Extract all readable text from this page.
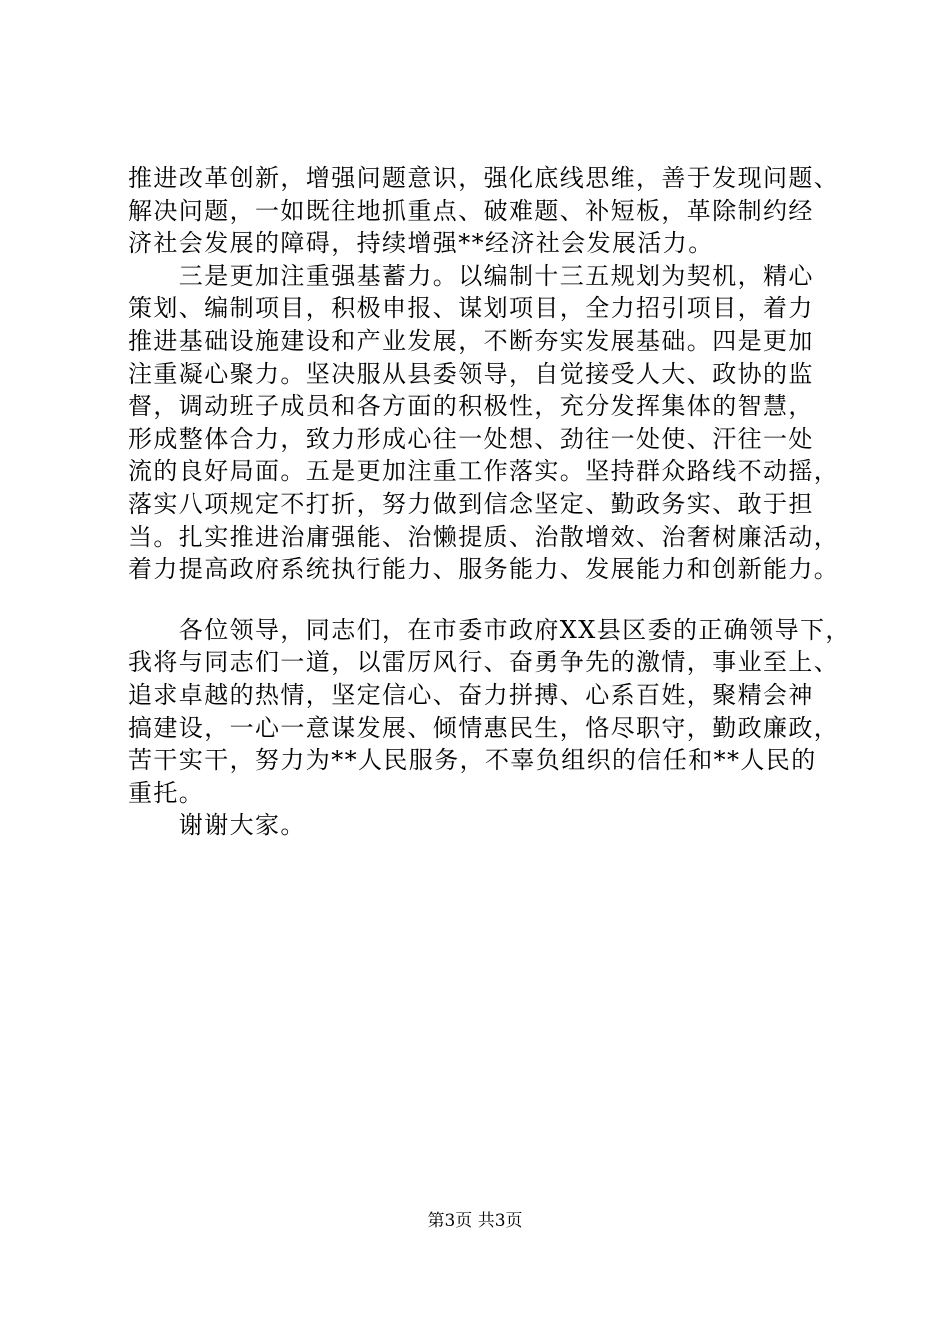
推进改革创新，增强问题意识，强化底线思维，善于发现问题、
解决问题，一如既往地抓重点、破难题、补短板，革除制约经
济社会发展的障碍，持续增强**经济社会发展活力。
　　三是更加注重强基蓄力。以编制十三五规划为契机，精心
策划、编制项目，积极申报、谋划项目，全力招引项目，着力
推进基础设施建设和产业发展，不断夯实发展基础。四是更加
注重凝心聚力。坚决服从县委领导，自觉接受人大、政协的监
督，调动班子成员和各方面的积极性，充分发挥集体的智慧，
形成整体合力，致力形成心往一处想、劲往一处使、汗往一处
流的良好局面。五是更加注重工作落实。坚持群众路线不动摇，
落实八项规定不打折，努力做到信念坚定、勤政务实、敢于担
当。扎实推进治庸强能、治懒提质、治散增效、治奢树廉活动，
着力提高政府系统执行能力、服务能力、发展能力和创新能力。
　　各位领导，同志们，在市委市政府XX县区委的正确领导下，
我将与同志们一道，以雷厉风行、奋勇争先的激情，事业至上、
追求卓越的热情，坚定信心、奋力拼搏、心系百姓，聚精会神
搞建设，一心一意谋发展、倾情惠民生，恪尽职守，勤政廉政，
苦干实干，努力为**人民服务，不辜负组织的信任和**人民的
重托。
　　谢谢大家。
第3页 共3页
